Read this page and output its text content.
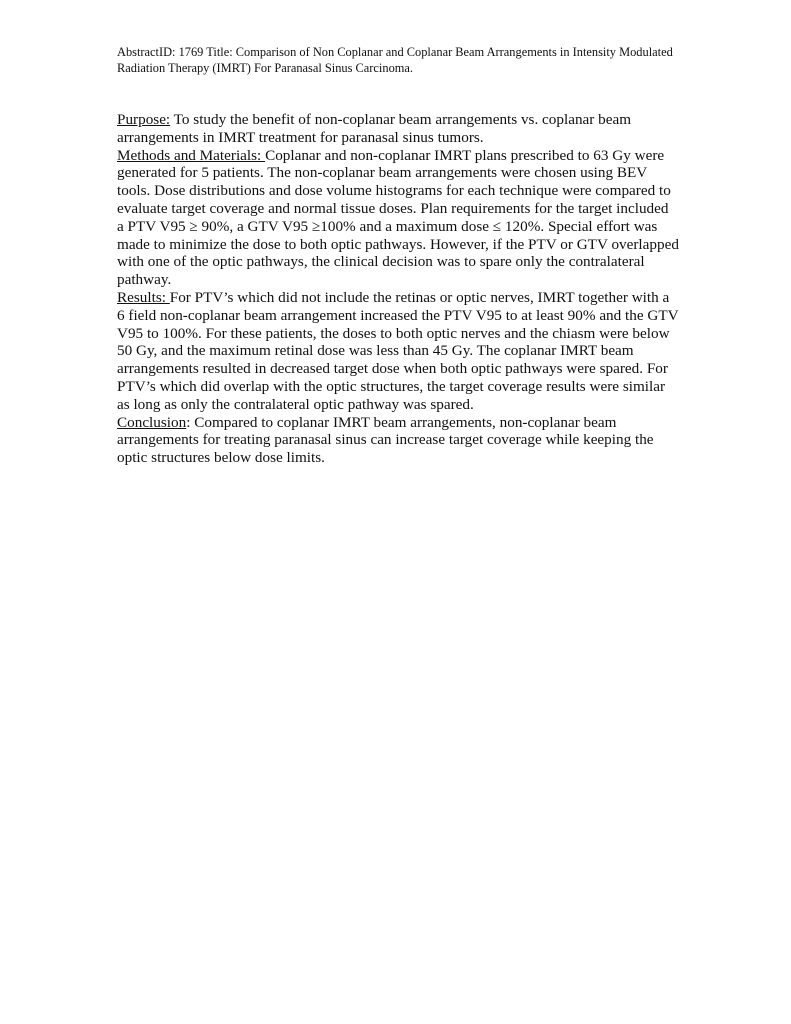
AbstractID: 1769 Title: Comparison of Non Coplanar and Coplanar Beam Arrangements in Intensity Modulated Radiation Therapy (IMRT) For Paranasal Sinus Carcinoma.

Purpose: To study the benefit of non-coplanar beam arrangements vs. coplanar beam arrangements in IMRT treatment for paranasal sinus tumors.

Methods and Materials: Coplanar and non-coplanar IMRT plans prescribed to 63 Gy were generated for 5 patients. The non-coplanar beam arrangements were chosen using BEV tools. Dose distributions and dose volume histograms for each technique were compared to evaluate target coverage and normal tissue doses. Plan requirements for the target included a PTV V95 ≥ 90%, a GTV V95 ≥100% and a maximum dose ≤ 120%. Special effort was made to minimize the dose to both optic pathways. However, if the PTV or GTV overlapped with one of the optic pathways, the clinical decision was to spare only the contralateral pathway.

Results: For PTV’s which did not include the retinas or optic nerves, IMRT together with a 6 field non-coplanar beam arrangement increased the PTV V95 to at least 90% and the GTV V95 to 100%. For these patients, the doses to both optic nerves and the chiasm were below 50 Gy, and the maximum retinal dose was less than 45 Gy. The coplanar IMRT beam arrangements resulted in decreased target dose when both optic pathways were spared. For PTV’s which did overlap with the optic structures, the target coverage results were similar as long as only the contralateral optic pathway was spared.

Conclusion: Compared to coplanar IMRT beam arrangements, non-coplanar beam arrangements for treating paranasal sinus can increase target coverage while keeping the optic structures below dose limits.
